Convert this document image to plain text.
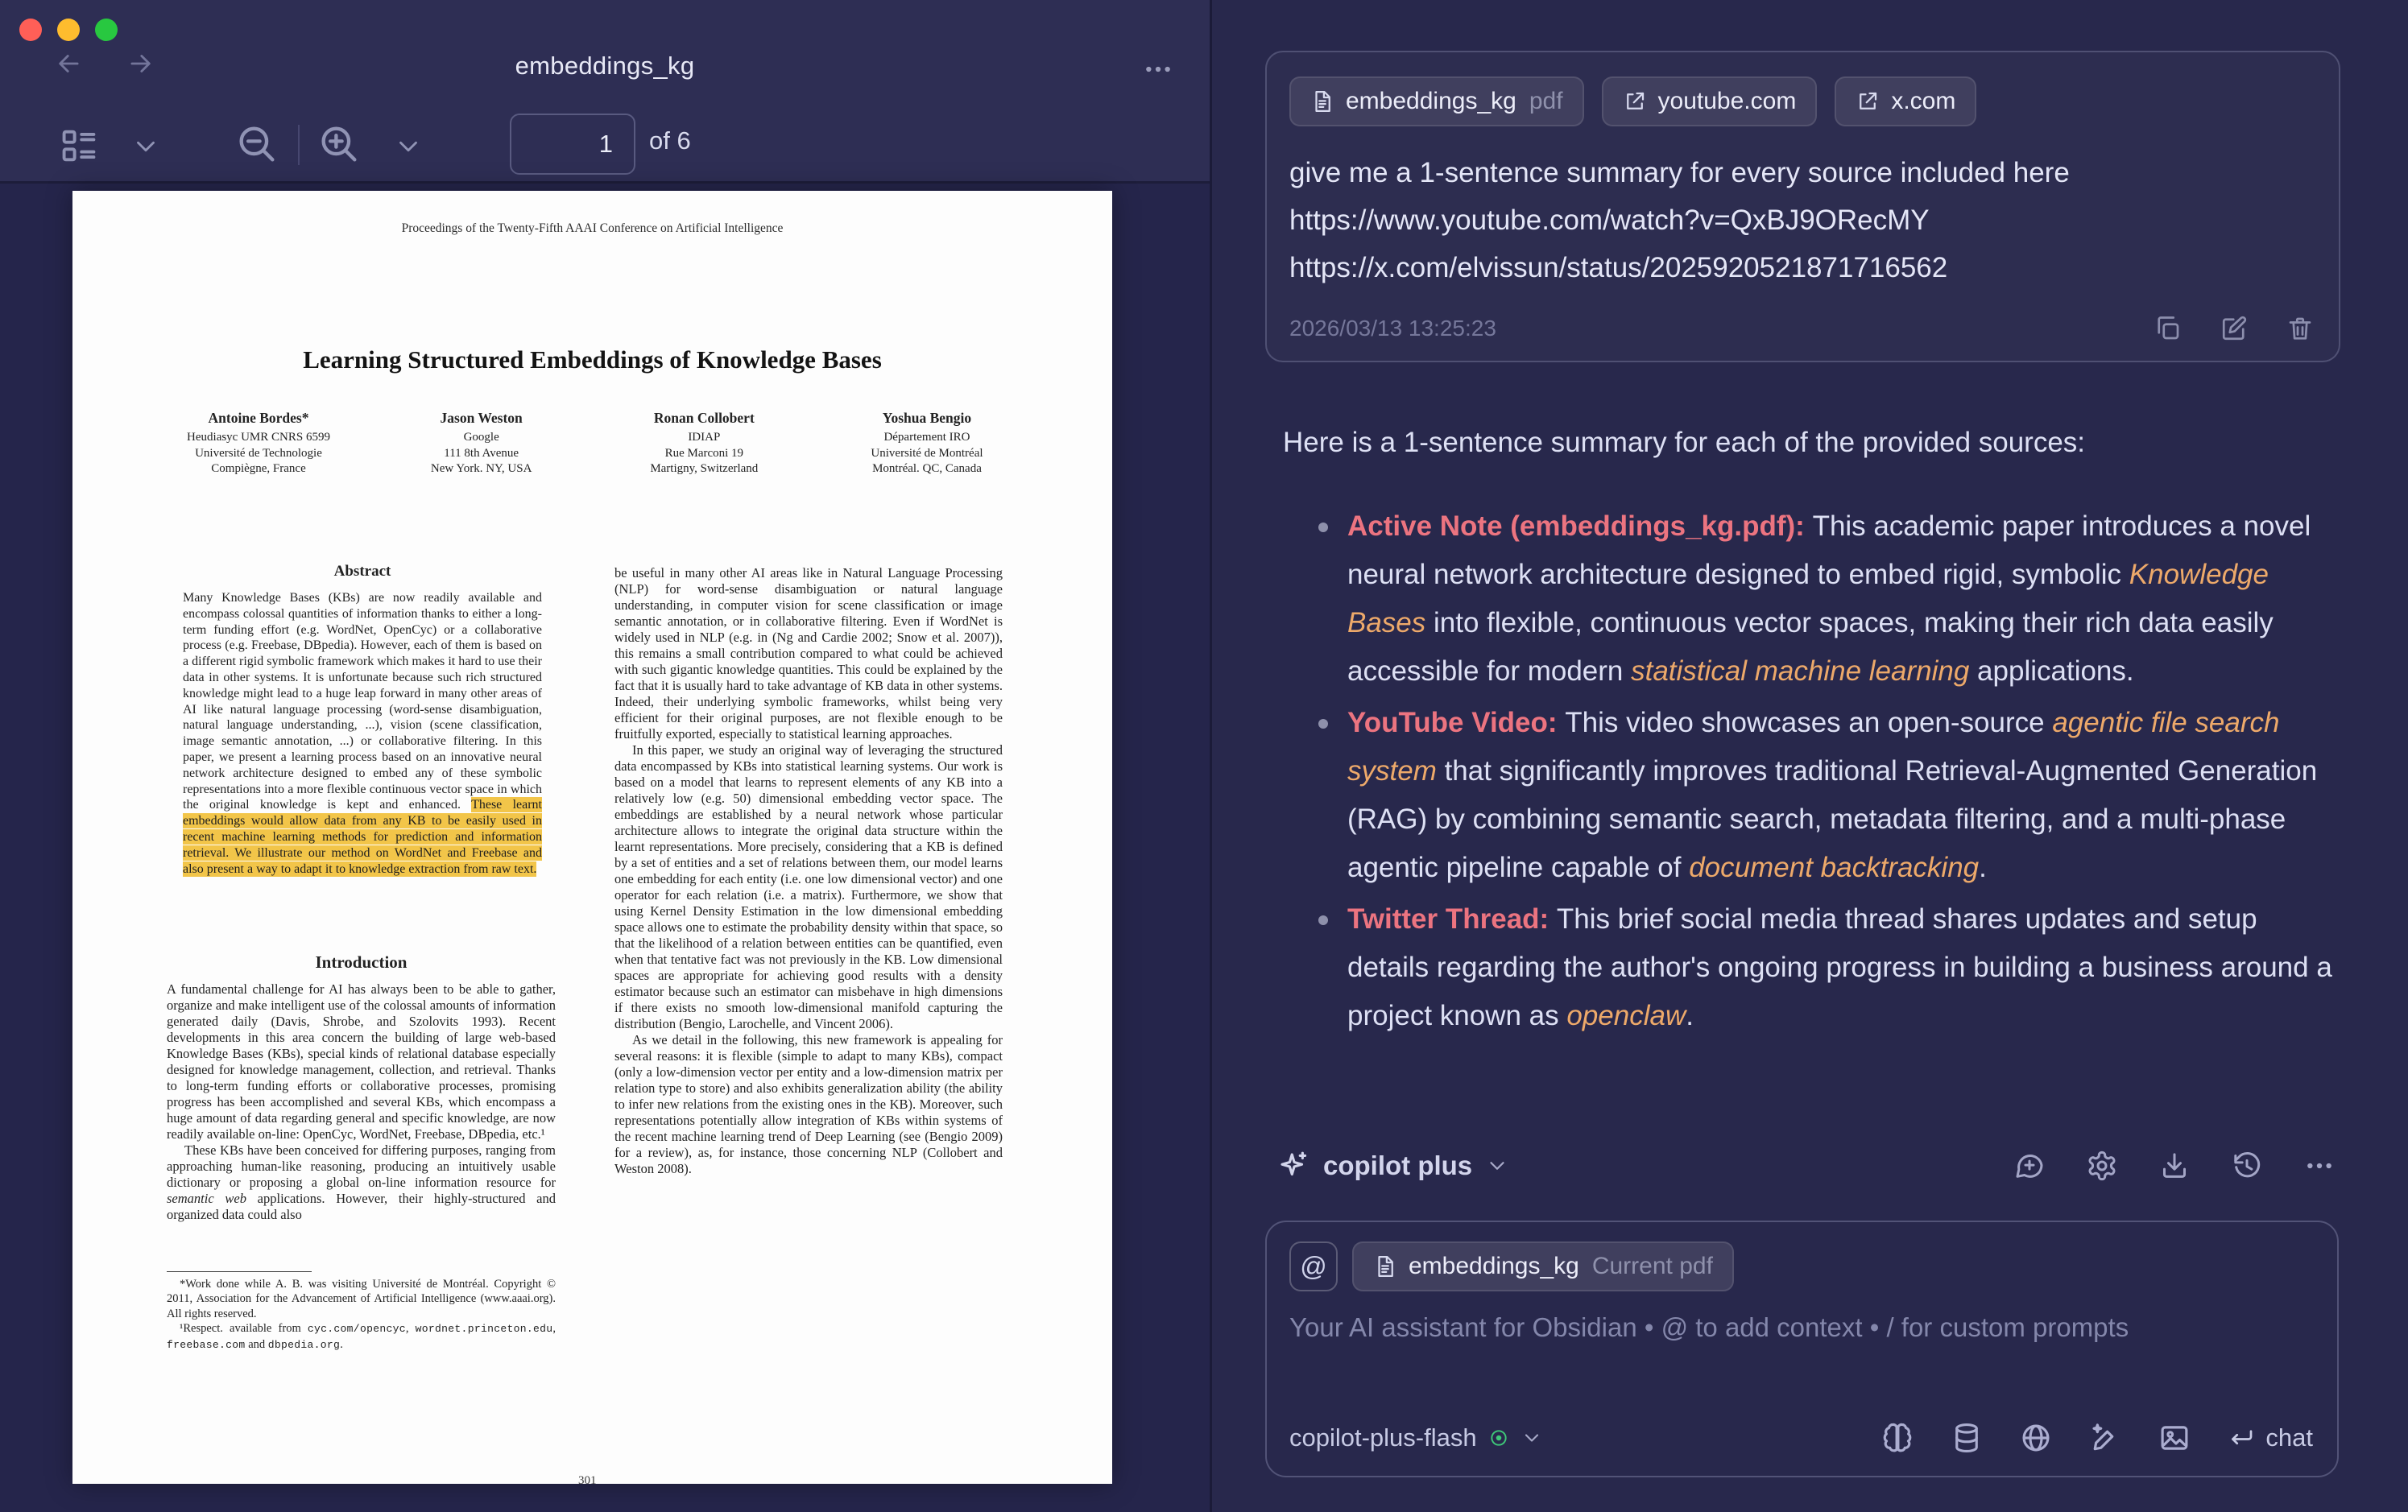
embeddings_kg
1	of 6
Proceedings of the Twenty-Fifth AAAI Conference on Artificial Intelligence
Learning Structured Embeddings of Knowledge Bases
Antoine Bordes*
Heudiasyc UMR CNRS 6599
Université de Technologie
Compiègne, France
Jason Weston
Google
111 8th Avenue
New York. NY, USA
Ronan Collobert
IDIAP
Rue Marconi 19
Martigny, Switzerland
Yoshua Bengio
Département IRO
Université de Montréal
Montréal. QC, Canada
Abstract
Many Knowledge Bases (KBs) are now readily available and encompass colossal quantities of information thanks to either a long-term funding effort (e.g. WordNet, OpenCyc) or a collaborative process (e.g. Freebase, DBpedia). However, each of them is based on a different rigid symbolic framework which makes it hard to use their data in other systems. It is unfortunate because such rich structured knowledge might lead to a huge leap forward in many other areas of AI like natural language processing (word-sense disambiguation, natural language understanding, ...), vision (scene classification, image semantic annotation, ...) or collaborative filtering. In this paper, we present a learning process based on an innovative neural network architecture designed to embed any of these symbolic representations into a more flexible continuous vector space in which the original knowledge is kept and enhanced. These learnt embeddings would allow data from any KB to be easily used in recent machine learning methods for prediction and information retrieval. We illustrate our method on WordNet and Freebase and also present a way to adapt it to knowledge extraction from raw text.
Introduction
A fundamental challenge for AI has always been to be able to gather, organize and make intelligent use of the colossal amounts of information generated daily (Davis, Shrobe, and Szolovits 1993). Recent developments in this area concern the building of large web-based Knowledge Bases (KBs), special kinds of relational database especially designed for knowledge management, collection, and retrieval. Thanks to long-term funding efforts or collaborative processes, promising progress has been accomplished and several KBs, which encompass a huge amount of data regarding general and specific knowledge, are now readily available on-line: OpenCyc, WordNet, Freebase, DBpedia, etc.¹
These KBs have been conceived for differing purposes, ranging from approaching human-like reasoning, producing an intuitively usable dictionary or proposing a global on-line information resource for semantic web applications. However, their highly-structured and organized data could also
*Work done while A. B. was visiting Université de Montréal. Copyright © 2011, Association for the Advancement of Artificial Intelligence (www.aaai.org). All rights reserved.
¹Respect. available from cyc.com/opencyc, wordnet.princeton.edu, freebase.com and dbpedia.org.
be useful in many other AI areas like in Natural Language Processing (NLP) for word-sense disambiguation or natural language understanding, in computer vision for scene classification or image semantic annotation, or in collaborative filtering. Even if WordNet is widely used in NLP (e.g. in (Ng and Cardie 2002; Snow et al. 2007)), this remains a small contribution compared to what could be achieved with such gigantic knowledge quantities. This could be explained by the fact that it is usually hard to take advantage of KB data in other systems. Indeed, their underlying symbolic frameworks, whilst being very efficient for their original purposes, are not flexible enough to be fruitfully exported, especially to statistical learning approaches.
In this paper, we study an original way of leveraging the structured data encompassed by KBs into statistical learning systems. Our work is based on a model that learns to represent elements of any KB into a relatively low (e.g. 50) dimensional embedding vector space. The embeddings are established by a neural network whose particular architecture allows to integrate the original data structure within the learnt representations. More precisely, considering that a KB is defined by a set of entities and a set of relations between them, our model learns one embedding for each entity (i.e. one low dimensional vector) and one operator for each relation (i.e. a matrix). Furthermore, we show that using Kernel Density Estimation in the low dimensional embedding space allows one to estimate the probability density within that space, so that the likelihood of a relation between entities can be quantified, even when that tentative fact was not previously in the KB. Low dimensional spaces are appropriate for achieving good results with a density estimator because such an estimator can misbehave in high dimensions if there exists no smooth low-dimensional manifold capturing the distribution (Bengio, Larochelle, and Vincent 2006).
As we detail in the following, this new framework is appealing for several reasons: it is flexible (simple to adapt to many KBs), compact (only a low-dimension vector per entity and a low-dimension matrix per relation type to store) and also exhibits generalization ability (the ability to infer new relations from the existing ones in the KB). Moreover, such representations potentially allow integration of KBs within systems of the recent machine learning trend of Deep Learning (see (Bengio 2009) for a review), as, for instance, those concerning NLP (Collobert and Weston 2008).
301
embeddings_kg pdf	youtube.com	x.com
give me a 1-sentence summary for every source included here
https://www.youtube.com/watch?v=QxBJ9ORecMY
https://x.com/elvissun/status/2025920521871716562
2026/03/13 13:25:23
Here is a 1-sentence summary for each of the provided sources:
Active Note (embeddings_kg.pdf): This academic paper introduces a novel neural network architecture designed to embed rigid, symbolic Knowledge Bases into flexible, continuous vector spaces, making their rich data easily accessible for modern statistical machine learning applications.
YouTube Video: This video showcases an open-source agentic file search system that significantly improves traditional Retrieval-Augmented Generation (RAG) by combining semantic search, metadata filtering, and a multi-phase agentic pipeline capable of document backtracking.
Twitter Thread: This brief social media thread shares updates and setup details regarding the author's ongoing progress in building a business around a project known as openclaw.
copilot plus
@	embeddings_kg Current pdf
Your AI assistant for Obsidian • @ to add context • / for custom prompts
copilot-plus-flash	chat
